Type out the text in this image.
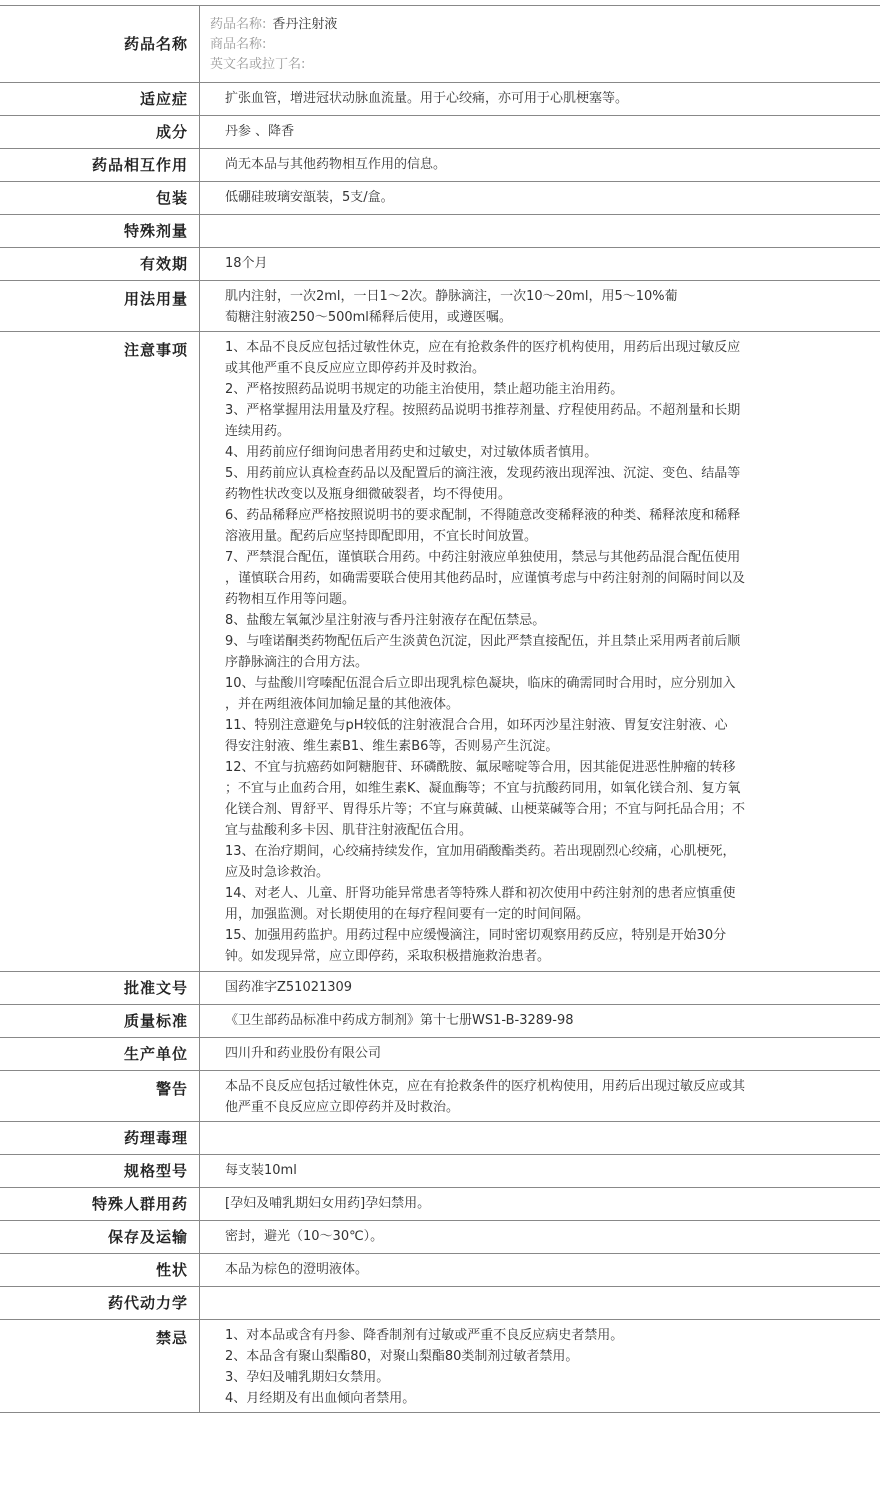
药品名称
药品名称: 香丹注射液
商品名称:
英文名或拉丁名:
适应症	扩张血管，增进冠状动脉血流量。用于心绞痛，亦可用于心肌梗塞等。
成分	丹参 、降香
药品相互作用	尚无本品与其他药物相互作用的信息。
包装	低硼硅玻璃安瓿装，5支/盒。
特殊剂量
有效期	18个月
用法用量	肌内注射，一次2ml，一日1～2次。静脉滴注，一次10～20ml，用5～10%葡
萄糖注射液250～500ml稀释后使用，或遵医嘱。
注意事项	1、本品不良反应包括过敏性休克，应在有抢救条件的医疗机构使用，用药后出现过敏反应
或其他严重不良反应应立即停药并及时救治。
2、严格按照药品说明书规定的功能主治使用，禁止超功能主治用药。
3、严格掌握用法用量及疗程。按照药品说明书推荐剂量、疗程使用药品。不超剂量和长期
连续用药。
4、用药前应仔细询问患者用药史和过敏史，对过敏体质者慎用。
5、用药前应认真检查药品以及配置后的滴注液，发现药液出现浑浊、沉淀、变色、结晶等
药物性状改变以及瓶身细微破裂者，均不得使用。
6、药品稀释应严格按照说明书的要求配制，不得随意改变稀释液的种类、稀释浓度和稀释
溶液用量。配药后应坚持即配即用，不宜长时间放置。
7、严禁混合配伍，谨慎联合用药。中药注射液应单独使用，禁忌与其他药品混合配伍使用
，谨慎联合用药，如确需要联合使用其他药品时，应谨慎考虑与中药注射剂的间隔时间以及
药物相互作用等问题。
8、盐酸左氧氟沙星注射液与香丹注射液存在配伍禁忌。
9、与喹诺酮类药物配伍后产生淡黄色沉淀，因此严禁直接配伍，并且禁止采用两者前后顺
序静脉滴注的合用方法。
10、与盐酸川穹嗪配伍混合后立即出现乳棕色凝块，临床的确需同时合用时，应分别加入
，并在两组液体间加输足量的其他液体。
11、特别注意避免与pH较低的注射液混合合用，如环丙沙星注射液、胃复安注射液、心
得安注射液、维生素B1、维生素B6等，否则易产生沉淀。
12、不宜与抗癌药如阿糖胞苷、环磷酰胺、氟尿嘧啶等合用，因其能促进恶性肿瘤的转移
；不宜与止血药合用，如维生素K、凝血酶等；不宜与抗酸药同用，如氧化镁合剂、复方氧
化镁合剂、胃舒平、胃得乐片等；不宜与麻黄碱、山梗菜碱等合用；不宜与阿托品合用；不
宜与盐酸利多卡因、肌苷注射液配伍合用。
13、在治疗期间，心绞痛持续发作，宜加用硝酸酯类药。若出现剧烈心绞痛，心肌梗死，
应及时急诊救治。
14、对老人、儿童、肝肾功能异常患者等特殊人群和初次使用中药注射剂的患者应慎重使
用，加强监测。对长期使用的在每疗程间要有一定的时间间隔。
15、加强用药监护。用药过程中应缓慢滴注，同时密切观察用药反应，特别是开始30分
钟。如发现异常，应立即停药，采取积极措施救治患者。
批准文号	国药准字Z51021309
质量标准	《卫生部药品标准中药成方制剂》第十七册WS1-B-3289-98
生产单位	四川升和药业股份有限公司
警告	本品不良反应包括过敏性休克，应在有抢救条件的医疗机构使用，用药后出现过敏反应或其
他严重不良反应应立即停药并及时救治。
药理毒理
规格型号	每支装10ml
特殊人群用药	[孕妇及哺乳期妇女用药]孕妇禁用。
保存及运输	密封，避光（10～30℃）。
性状	本品为棕色的澄明液体。
药代动力学
禁忌	1、对本品或含有丹参、降香制剂有过敏或严重不良反应病史者禁用。
2、本品含有聚山梨酯80，对聚山梨酯80类制剂过敏者禁用。
3、孕妇及哺乳期妇女禁用。
4、月经期及有出血倾向者禁用。
